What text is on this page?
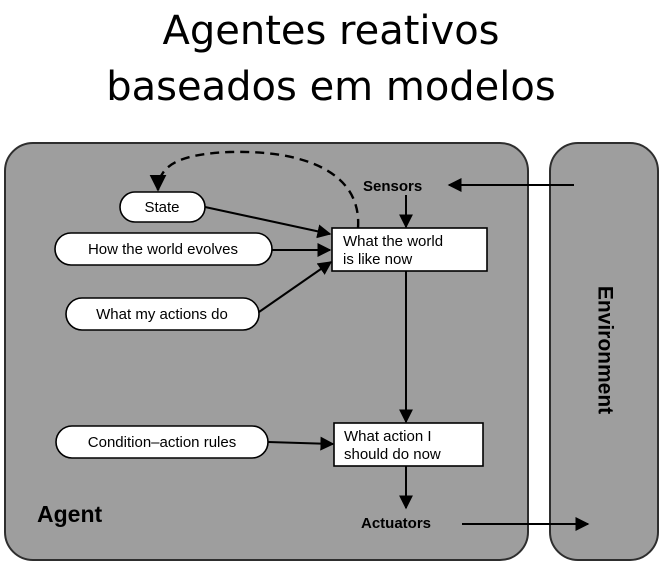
Agentes reativos
baseados em modelos
Environment
Agent
Sensors
Actuators
State
How the world evolves
What my actions do
Condition–action rules
What the world
is like now
What action I
should do now
